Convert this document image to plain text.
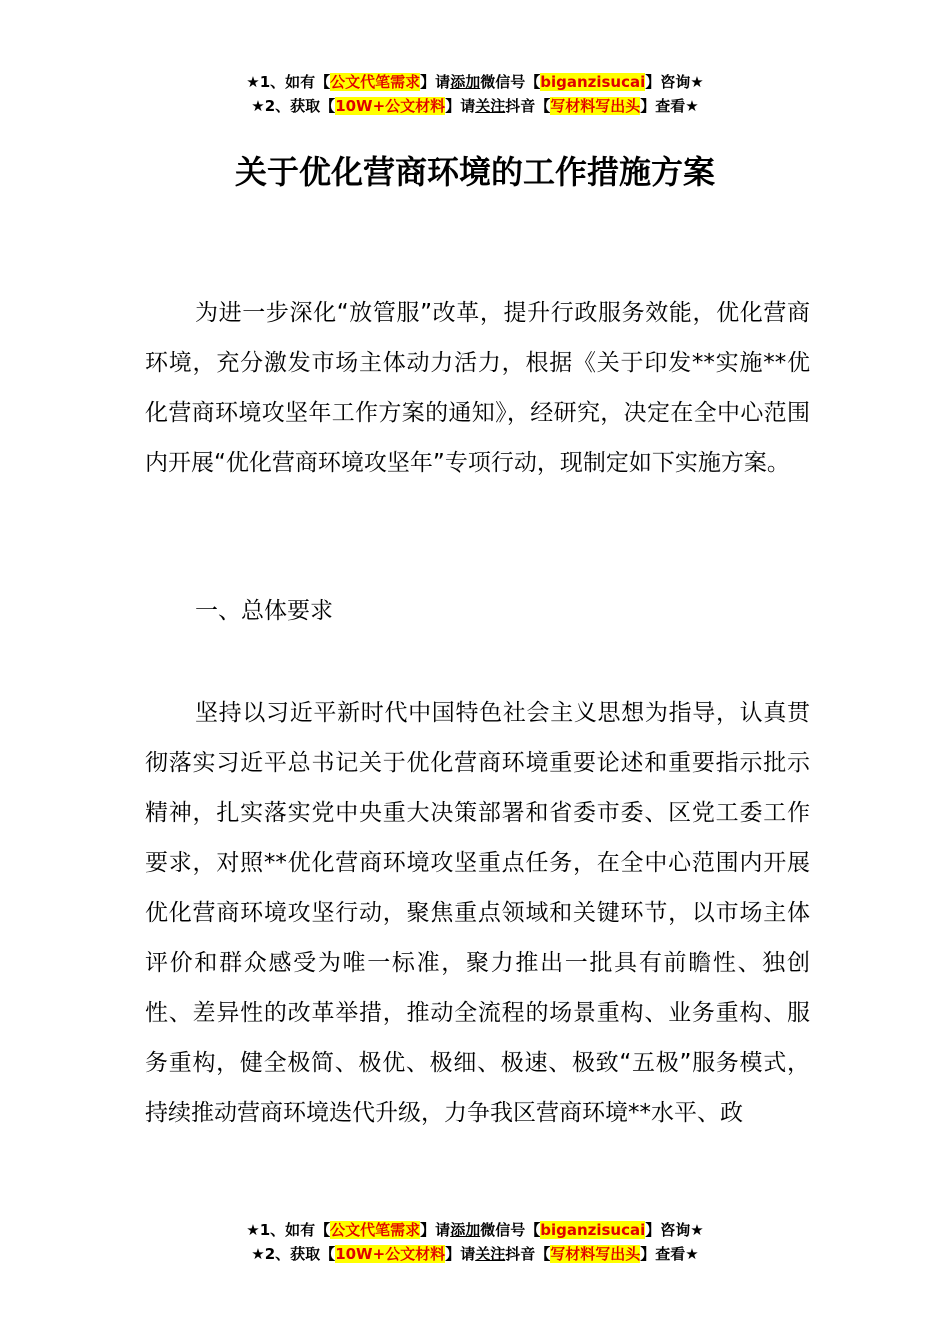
★1、如有【公文代笔需求】请添加微信号【biganzisucai】咨询★
★2、获取【10W+公文材料】请关注抖音【写材料写出头】查看★
关于优化营商环境的工作措施方案

为进一步深化“放管服”改革，提升行政服务效能，优化营商环境，充分激发市场主体动力活力，根据《关于印发**实施**优化营商环境攻坚年工作方案的通知》，经研究，决定在全中心范围内开展“优化营商环境攻坚年”专项行动，现制定如下实施方案。

一、总体要求

坚持以习近平新时代中国特色社会主义思想为指导，认真贯彻落实习近平总书记关于优化营商环境重要论述和重要指示批示精神，扎实落实党中央重大决策部署和省委市委、区党工委工作要求，对照**优化营商环境攻坚重点任务，在全中心范围内开展优化营商环境攻坚行动，聚焦重点领域和关键环节，以市场主体评价和群众感受为唯一标准，聚力推出一批具有前瞻性、独创性、差异性的改革举措，推动全流程的场景重构、业务重构、服务重构，健全极简、极优、极细、极速、极致“五极”服务模式，持续推动营商环境迭代升级，力争我区营商环境**水平、政

★1、如有【公文代笔需求】请添加微信号【biganzisucai】咨询★
★2、获取【10W+公文材料】请关注抖音【写材料写出头】查看★
